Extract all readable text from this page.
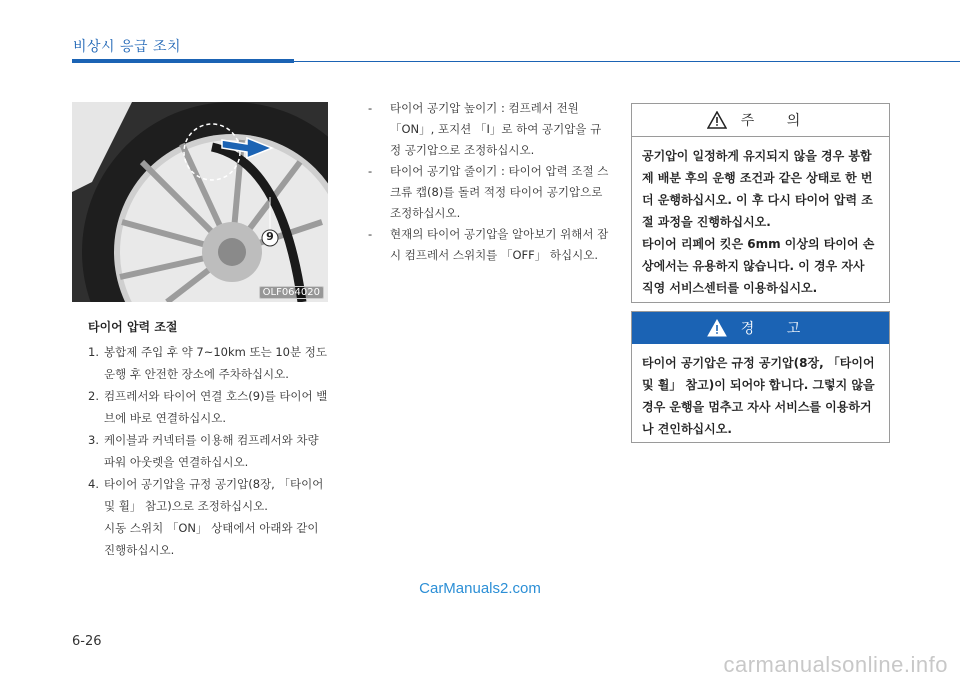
비상시 응급 조치
9
OLF064020
타이어 압력 조절
1. 봉합제 주입 후 약 7~10km 또는 10분 정도 운행 후 안전한 장소에 주차하십시오.
2. 컴프레서와 타이어 연결 호스(9)를 타이어 밸브에 바로 연결하십시오.
3. 케이블과 커넥터를 이용해 컴프레서와 차량 파워 아웃렛을 연결하십시오.
4. 타이어 공기압을 규정 공기압(8장, 「타이어 및 휠」 참고)으로 조정하십시오.
시동 스위치 「ON」 상태에서 아래와 같이 진행하십시오.
- 타이어 공기압 높이기 : 컴프레서 전원 「ON」, 포지션 「I」로 하여 공기압을 규정 공기압으로 조정하십시오.
- 타이어 공기압 줄이기 : 타이어 압력 조절 스크류 캡(8)를 돌려 적정 타이어 공기압으로 조정하십시오.
- 현재의 타이어 공기압을 알아보기 위해서 잠시 컴프레서 스위치를 「OFF」 하십시오.
주 의
공기압이 일정하게 유지되지 않을 경우 봉합제 배분 후의 운행 조건과 같은 상태로 한 번 더 운행하십시오. 이 후 다시 타이어 압력 조절 과정을 진행하십시오.
타이어 리페어 킷은 6mm 이상의 타이어 손상에서는 유용하지 않습니다. 이 경우 자사 직영 서비스센터를 이용하십시오.
경 고
타이어 공기압은 규정 공기압(8장, 「타이어 및 휠」 참고)이 되어야 합니다. 그렇지 않을 경우 운행을 멈추고 자사 서비스를 이용하거나 견인하십시오.
CarManuals2.com
6-26
carmanualsonline.info
